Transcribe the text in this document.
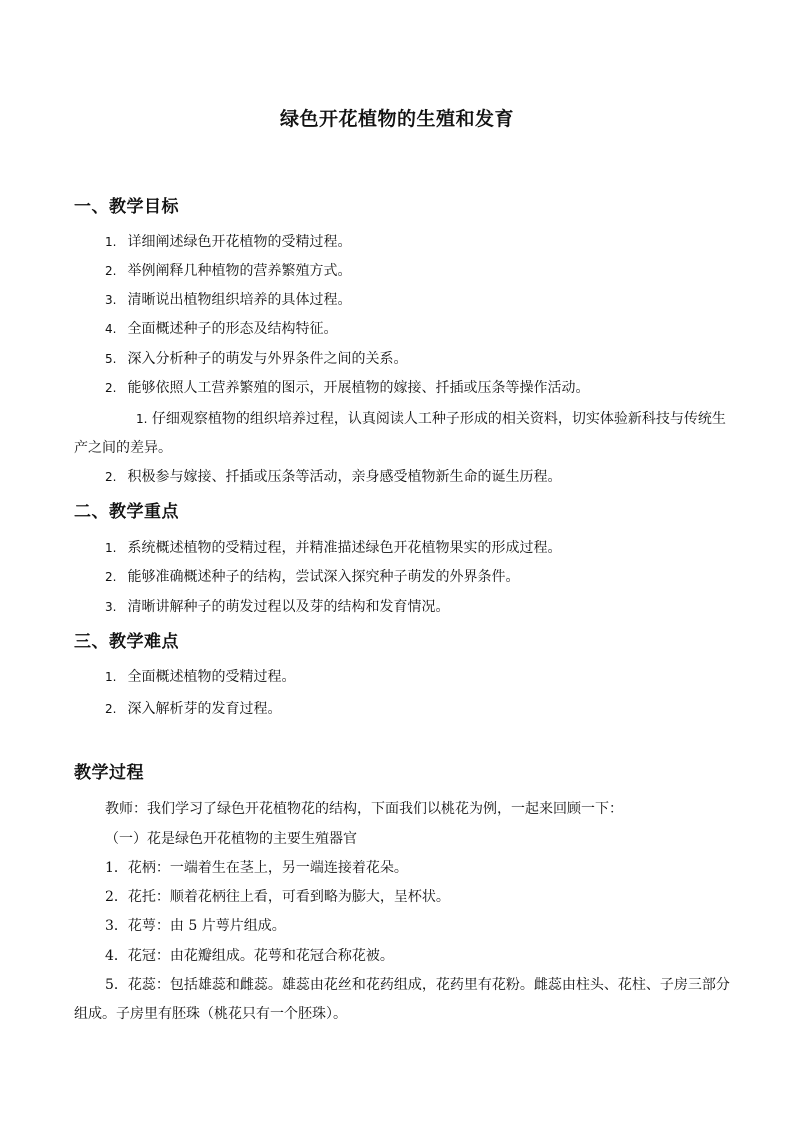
绿色开花植物的生殖和发育
一、教学目标
1. 详细阐述绿色开花植物的受精过程。
2. 举例阐释几种植物的营养繁殖方式。
3. 清晰说出植物组织培养的具体过程。
4. 全面概述种子的形态及结构特征。
5. 深入分析种子的萌发与外界条件之间的关系。
2. 能够依照人工营养繁殖的图示，开展植物的嫁接、扦插或压条等操作活动。
1. 仔细观察植物的组织培养过程，认真阅读人工种子形成的相关资料，切实体验新科技与传统生产之间的差异。
2. 积极参与嫁接、扦插或压条等活动，亲身感受植物新生命的诞生历程。
二、教学重点
1. 系统概述植物的受精过程，并精准描述绿色开花植物果实的形成过程。
2. 能够准确概述种子的结构，尝试深入探究种子萌发的外界条件。
3. 清晰讲解种子的萌发过程以及芽的结构和发育情况。
三、教学难点
1. 全面概述植物的受精过程。
2. 深入解析芽的发育过程。
教学过程
教师：我们学习了绿色开花植物花的结构，下面我们以桃花为例，一起来回顾一下：
（一）花是绿色开花植物的主要生殖器官
1．花柄：一端着生在茎上，另一端连接着花朵。
2．花托：顺着花柄往上看，可看到略为膨大，呈杯状。
3．花萼：由 5 片萼片组成。
4．花冠：由花瓣组成。花萼和花冠合称花被。
5．花蕊：包括雄蕊和雌蕊。雄蕊由花丝和花药组成，花药里有花粉。雌蕊由柱头、花柱、子房三部分组成。子房里有胚珠（桃花只有一个胚珠）。
